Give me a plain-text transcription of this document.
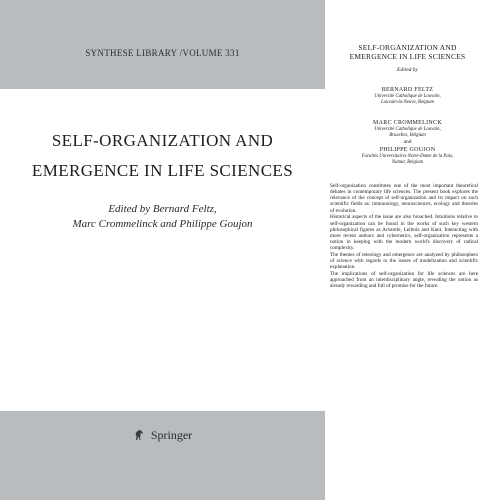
SYNTHESE LIBRARY /VOLUME 331
SELF-ORGANIZATION AND
EMERGENCE IN LIFE SCIENCES
Edited by Bernard Feltz,
Marc Crommelinck and Philippe Goujon
Springer
SELF-ORGANIZATION AND
EMERGENCE IN LIFE SCIENCES
Edited by
BERNARD FELTZ
Université Catholique de Louvain,
Louvain-la-Neuve, Belgium
MARC CROMMELINCK
Université Catholique de Louvain,
Bruxelles, Belgium
and
PHILIPPE GOUJON
Facultés Universitaires Notre-Dame de la Paix,
Namur, Belgium

Self-organization constitutes one of the most important theoretical debates in contemporary life sciences. The present book explores the relevance of the concept of self-organization and its impact on such scientific fields as: immunology, neurosciences, ecology and theories of evolution.

Historical aspects of the issue are also broached. Intuitions relative to self-organization can be found in the works of such key western philosophical figures as Aristotle, Leibniz and Kant. Interacting with more recent authors and cybernetics, self-organization represents a notion in keeping with the modern world's discovery of radical complexity.

The themes of teleology and emergence are analyzed by philosophers of science with regards to the issues of modelization and scientific explanation.

The implications of self-organization for life sciences are here approached from an interdisciplinary angle, revealing the notion as already rewarding and full of promise for the future.
